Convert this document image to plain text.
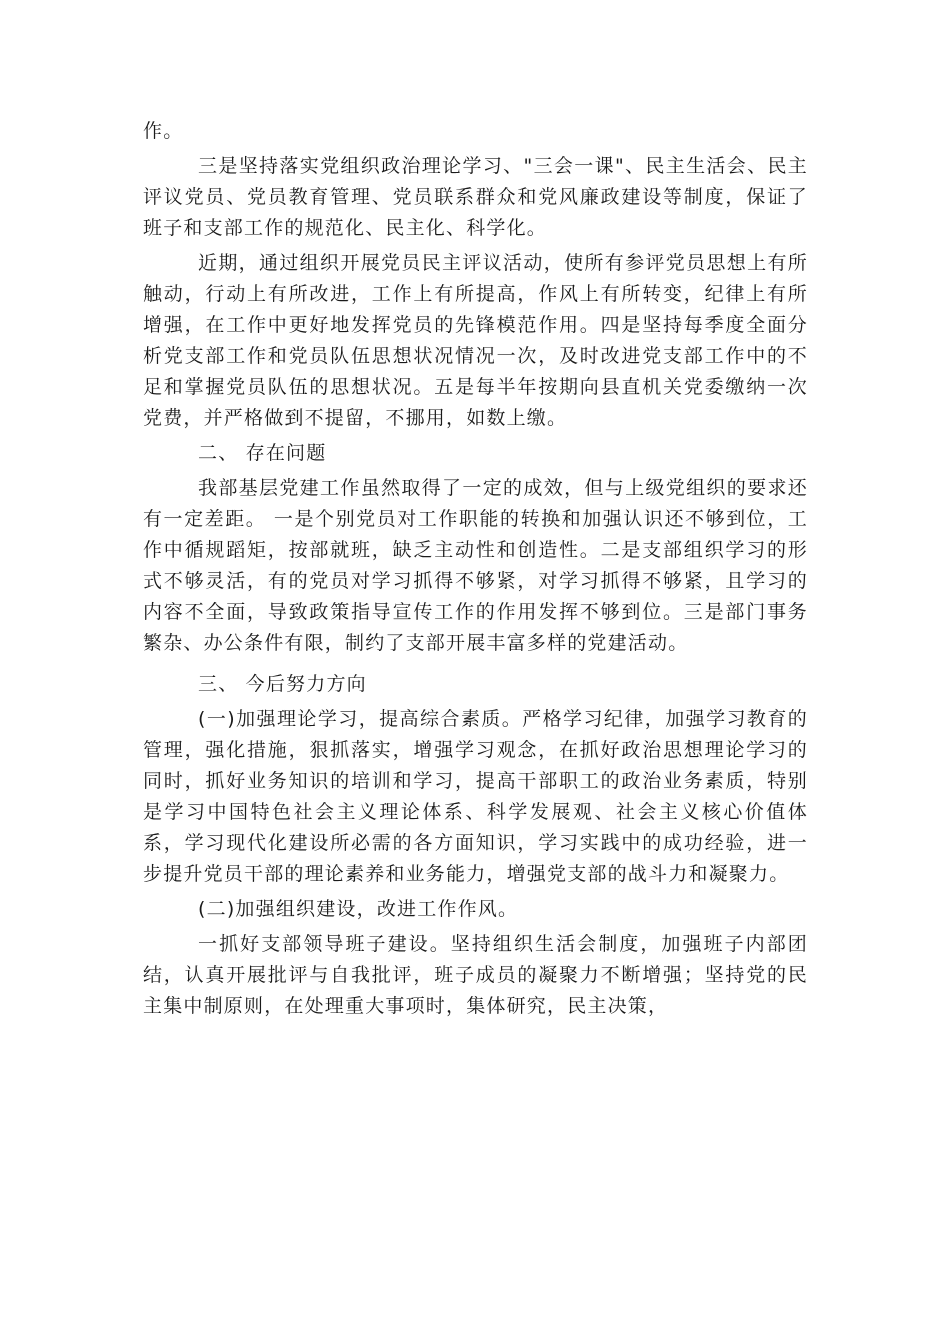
作。

三是坚持落实党组织政治理论学习、"三会一课"、民主生活会、民主评议党员、党员教育管理、党员联系群众和党风廉政建设等制度，保证了班子和支部工作的规范化、民主化、科学化。

近期，通过组织开展党员民主评议活动，使所有参评党员思想上有所触动，行动上有所改进，工作上有所提高，作风上有所转变，纪律上有所增强，在工作中更好地发挥党员的先锋模范作用。四是坚持每季度全面分析党支部工作和党员队伍思想状况情况一次，及时改进党支部工作中的不足和掌握党员队伍的思想状况。五是每半年按期向县直机关党委缴纳一次党费，并严格做到不提留，不挪用，如数上缴。

二、 存在问题

我部基层党建工作虽然取得了一定的成效，但与上级党组织的要求还有一定差距。 一是个别党员对工作职能的转换和加强认识还不够到位，工作中循规蹈矩，按部就班，缺乏主动性和创造性。二是支部组织学习的形式不够灵活，有的党员对学习抓得不够紧，对学习抓得不够紧，且学习的内容不全面，导致政策指导宣传工作的作用发挥不够到位。三是部门事务繁杂、办公条件有限，制约了支部开展丰富多样的党建活动。

三、 今后努力方向

(一)加强理论学习，提高综合素质。严格学习纪律，加强学习教育的管理，强化措施，狠抓落实，增强学习观念，在抓好政治思想理论学习的同时，抓好业务知识的培训和学习，提高干部职工的政治业务素质，特别是学习中国特色社会主义理论体系、科学发展观、社会主义核心价值体系，学习现代化建设所必需的各方面知识，学习实践中的成功经验，进一步提升党员干部的理论素养和业务能力，增强党支部的战斗力和凝聚力。

(二)加强组织建设，改进工作作风。

一抓好支部领导班子建设。坚持组织生活会制度，加强班子内部团结，认真开展批评与自我批评，班子成员的凝聚力不断增强；坚持党的民主集中制原则，在处理重大事项时，集体研究，民主决策，
